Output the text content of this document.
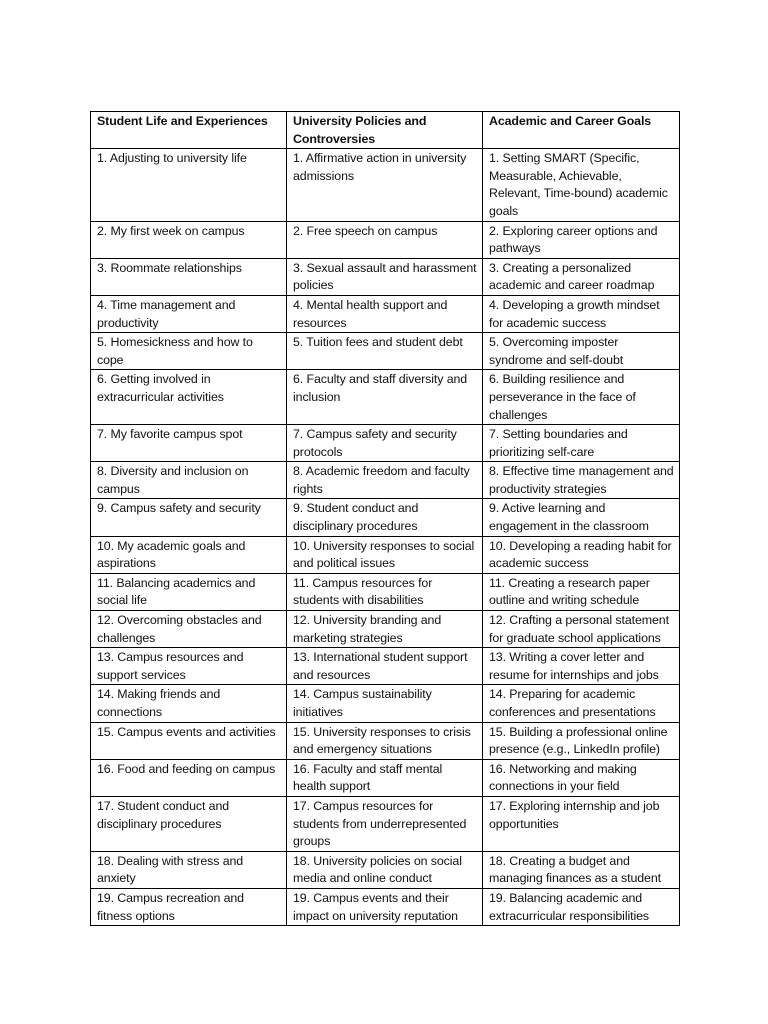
Student Life and Experiences	University Policies and Controversies	Academic and Career Goals
1. Adjusting to university life	1. Affirmative action in university admissions	1. Setting SMART (Specific, Measurable, Achievable, Relevant, Time-bound) academic goals
2. My first week on campus	2. Free speech on campus	2. Exploring career options and pathways
3. Roommate relationships	3. Sexual assault and harassment policies	3. Creating a personalized academic and career roadmap
4. Time management and productivity	4. Mental health support and resources	4. Developing a growth mindset for academic success
5. Homesickness and how to cope	5. Tuition fees and student debt	5. Overcoming imposter syndrome and self-doubt
6. Getting involved in extracurricular activities	6. Faculty and staff diversity and inclusion	6. Building resilience and perseverance in the face of challenges
7. My favorite campus spot	7. Campus safety and security protocols	7. Setting boundaries and prioritizing self-care
8. Diversity and inclusion on campus	8. Academic freedom and faculty rights	8. Effective time management and productivity strategies
9. Campus safety and security	9. Student conduct and disciplinary procedures	9. Active learning and engagement in the classroom
10. My academic goals and aspirations	10. University responses to social and political issues	10. Developing a reading habit for academic success
11. Balancing academics and social life	11. Campus resources for students with disabilities	11. Creating a research paper outline and writing schedule
12. Overcoming obstacles and challenges	12. University branding and marketing strategies	12. Crafting a personal statement for graduate school applications
13. Campus resources and support services	13. International student support and resources	13. Writing a cover letter and resume for internships and jobs
14. Making friends and connections	14. Campus sustainability initiatives	14. Preparing for academic conferences and presentations
15. Campus events and activities	15. University responses to crisis and emergency situations	15. Building a professional online presence (e.g., LinkedIn profile)
16. Food and feeding on campus	16. Faculty and staff mental health support	16. Networking and making connections in your field
17. Student conduct and disciplinary procedures	17. Campus resources for students from underrepresented groups	17. Exploring internship and job opportunities
18. Dealing with stress and anxiety	18. University policies on social media and online conduct	18. Creating a budget and managing finances as a student
19. Campus recreation and fitness options	19. Campus events and their impact on university reputation	19. Balancing academic and extracurricular responsibilities
